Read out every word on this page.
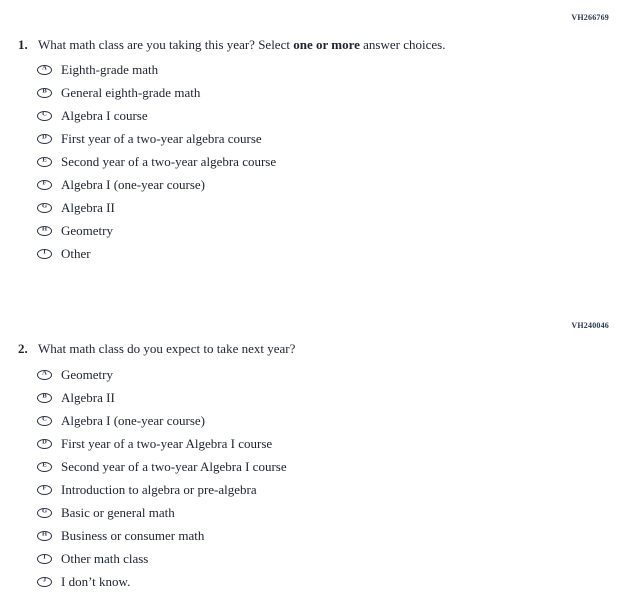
VH266769
1. What math class are you taking this year? Select one or more answer choices.
A Eighth-grade math
B General eighth-grade math
C Algebra I course
D First year of a two-year algebra course
E Second year of a two-year algebra course
F Algebra I (one-year course)
G Algebra II
H Geometry
I Other
VH240046
2. What math class do you expect to take next year?
A Geometry
B Algebra II
C Algebra I (one-year course)
D First year of a two-year Algebra I course
E Second year of a two-year Algebra I course
F Introduction to algebra or pre-algebra
G Basic or general math
H Business or consumer math
I Other math class
J I don’t know.
